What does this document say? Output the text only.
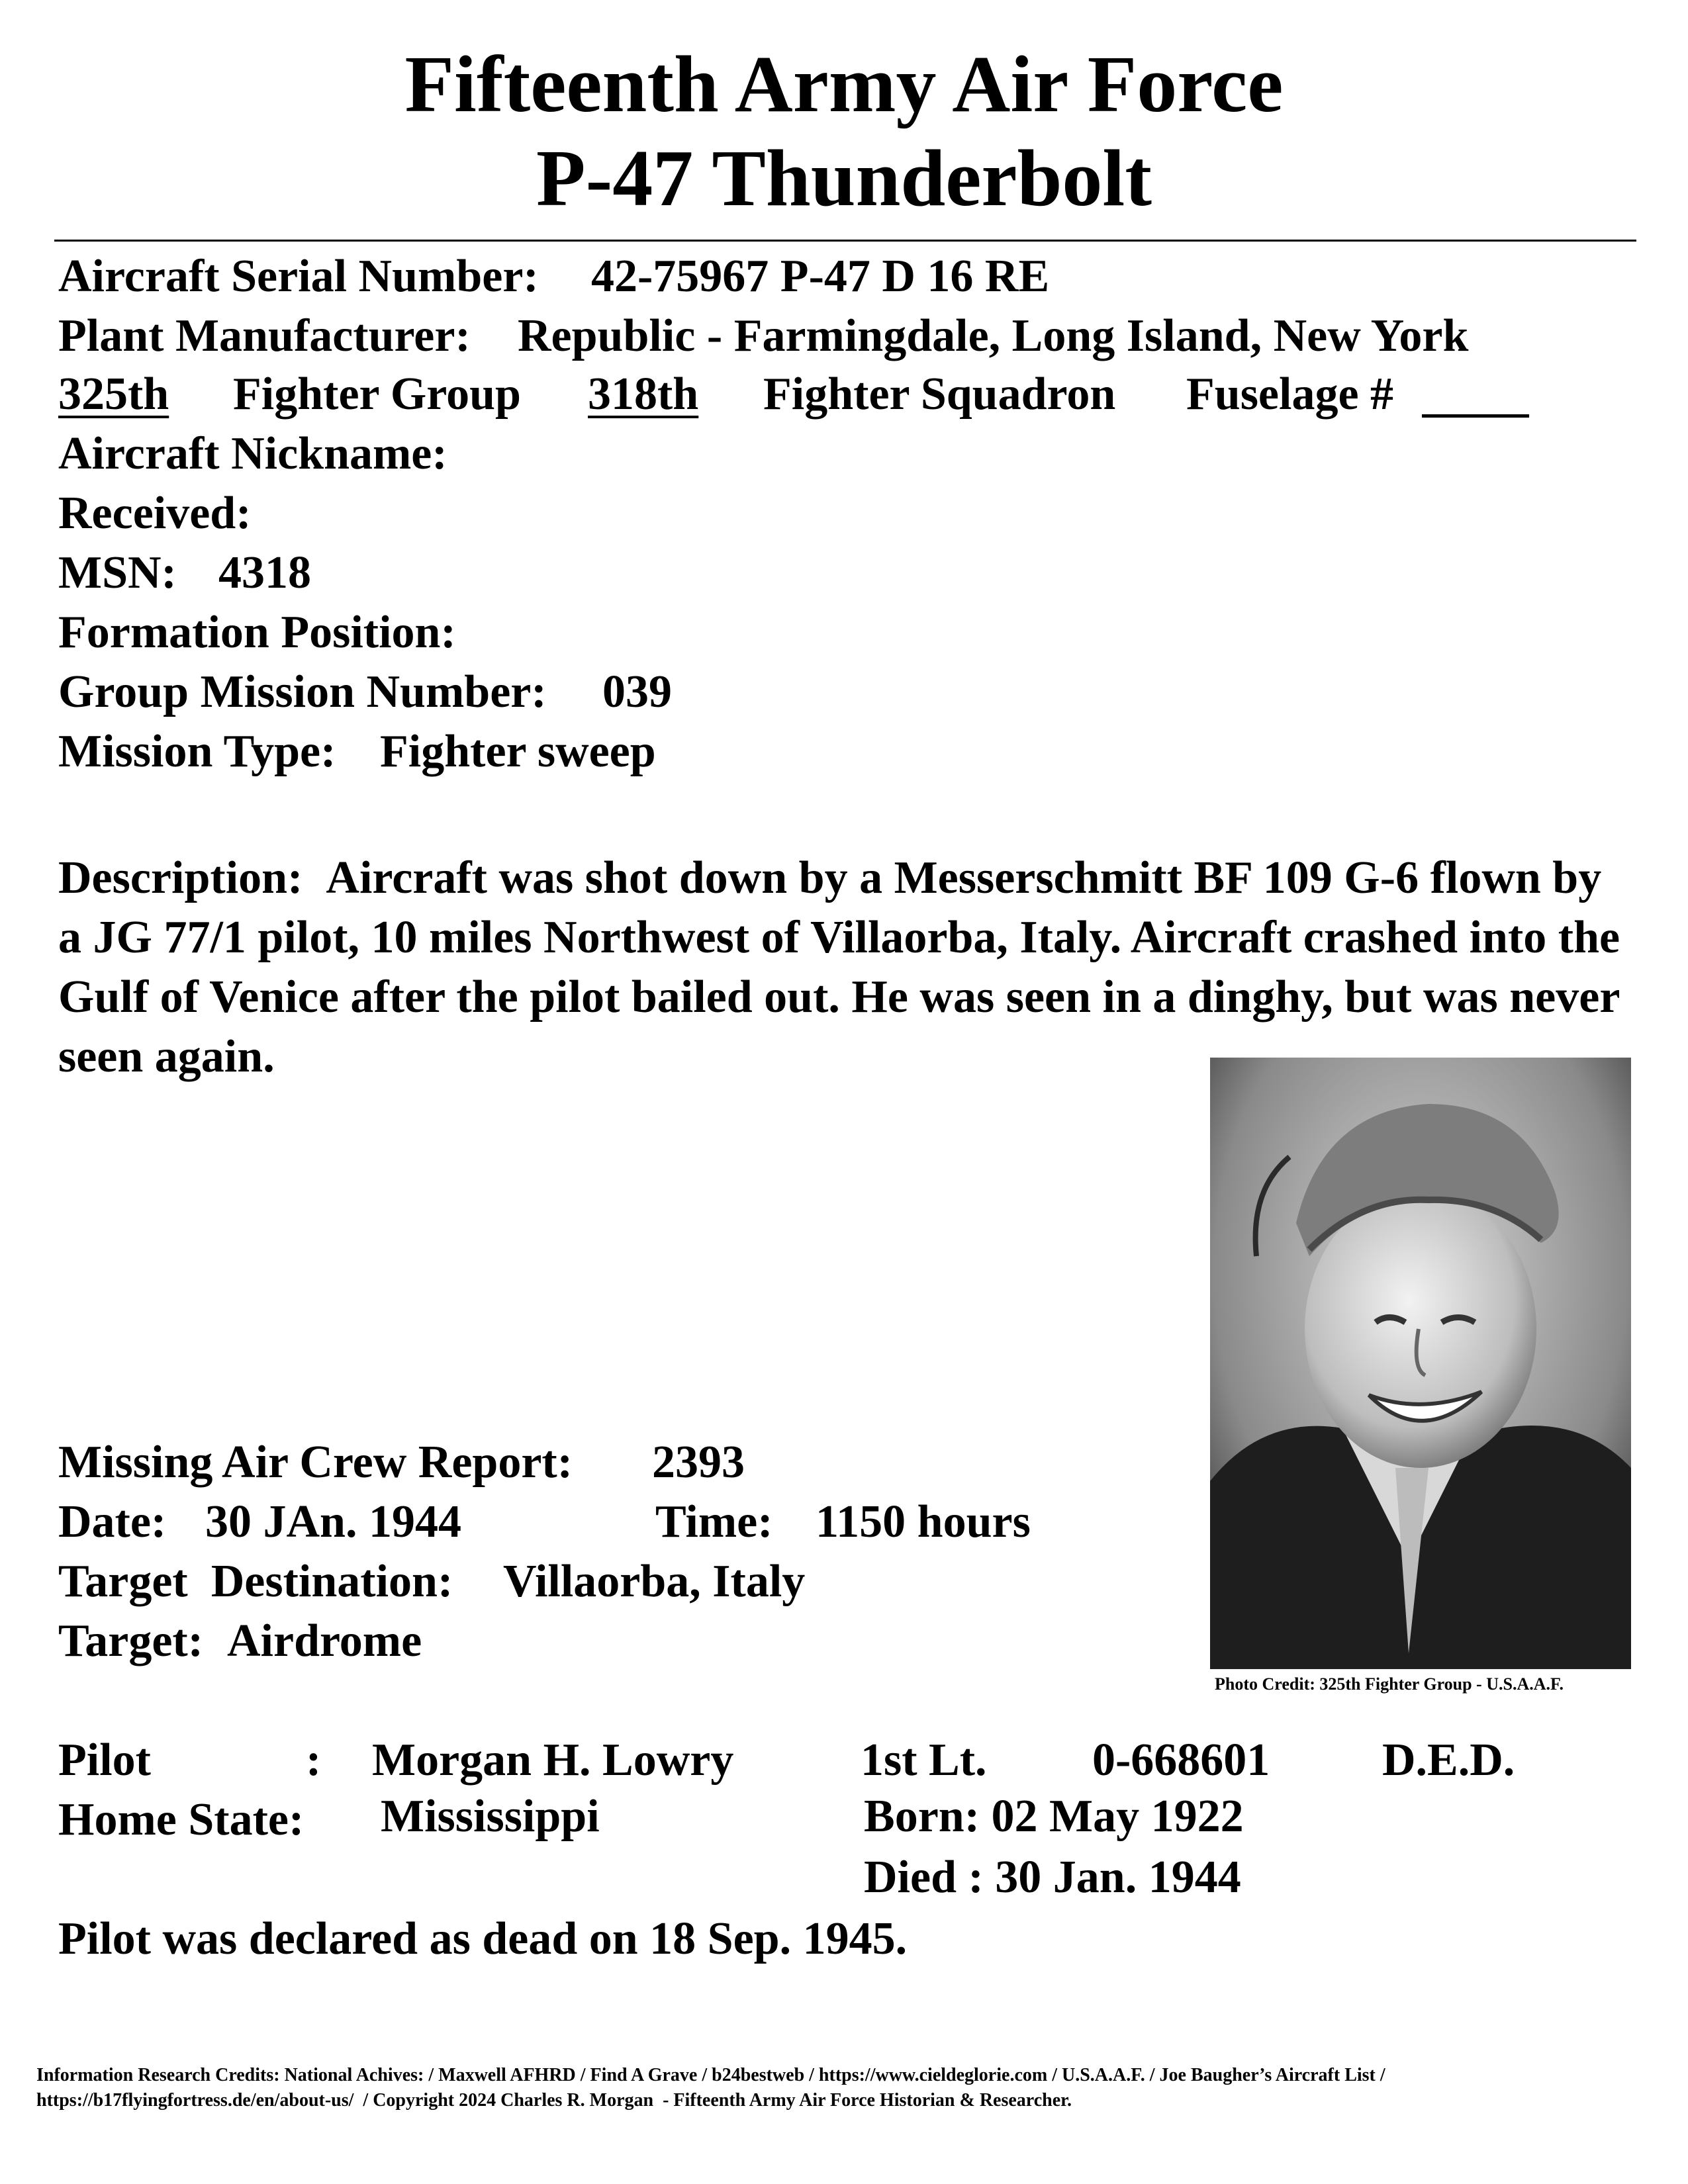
Fifteenth Army Air Force
P-47 Thunderbolt
Aircraft Serial Number: 42-75967 P-47 D 16 RE
Plant Manufacturer: Republic - Farmingdale, Long Island, New York
325th	Fighter Group 318th	Fighter Squadron Fuselage #
Aircraft Nickname:
Received:
MSN: 4318
Formation Position:
Group Mission Number: 039
Mission Type: Fighter sweep
Description: Aircraft was shot down by a Messerschmitt BF 109 G-6 flown by a JG 77/1 pilot, 10 miles Northwest of Villaorba, Italy. Aircraft crashed into the Gulf of Venice after the pilot bailed out. He was seen in a dinghy, but was never seen again.
Photo Credit: 325th Fighter Group - U.S.A.A.F.
Missing Air Crew Report: 2393
Date: 30 JAn. 1944	Time: 1150 hours
Target  Destination: Villaorba, Italy
Target: Airdrome
Pilot	: Morgan H. Lowry	1st Lt. 0-668601 D.E.D.
Home State: Mississippi	Born: 02 May 1922
Died : 30 Jan. 1944
Pilot was declared as dead on 18 Sep. 1945.
Information Research Credits: National Achives: / Maxwell AFHRD / Find A Grave / b24bestweb / https://www.cieldeglorie.com / U.S.A.A.F. / Joe Baugher’s Aircraft List /
https://b17flyingfortress.de/en/about-us/  / Copyright 2024 Charles R. Morgan  - Fifteenth Army Air Force Historian & Researcher.
